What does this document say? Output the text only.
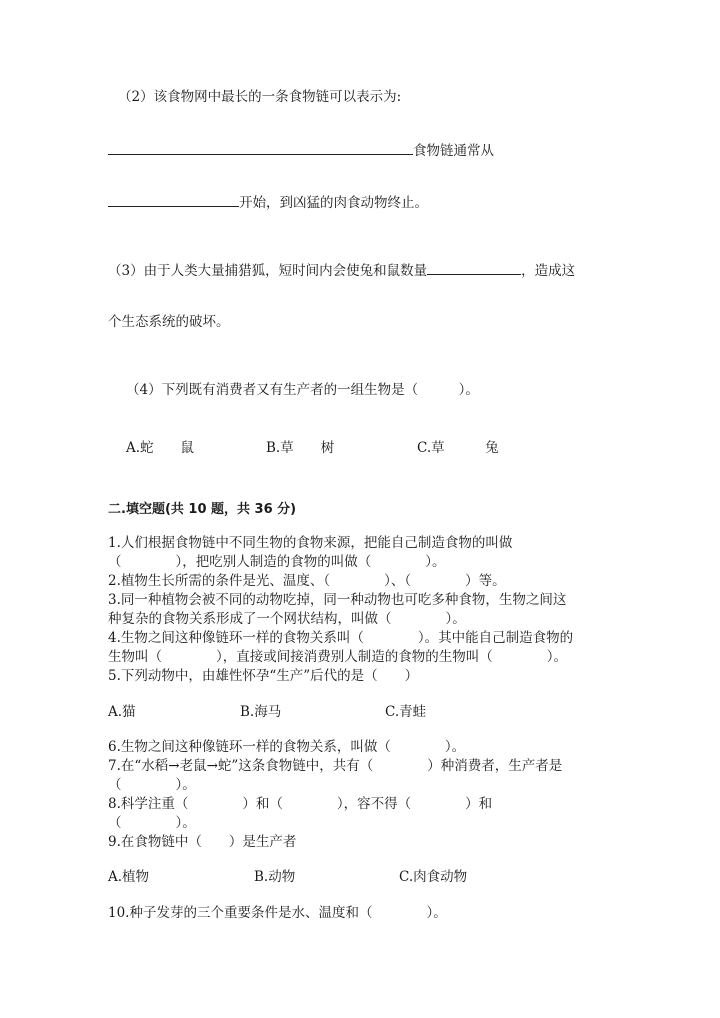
（2）该食物网中最长的一条食物链可以表示为:
食物链通常从
开始，到凶猛的肉食动物终止。
（3）由于人类大量捕猎狐，短时间内会使兔和鼠数量	，造成这
个生态系统的破坏。
（4）下列既有消费者又有生产者的一组生物是（　　　）。
A.蛇　　鼠	B.草　　树	C.草　　　兔
二.填空题(共 10 题，共 36 分)
1.人们根据食物链中不同生物的食物来源，把能自己制造食物的叫做
（　　　　），把吃别人制造的食物的叫做（　　　　）。
2.植物生长所需的条件是光、温度、（　　　　）、（　　　　）等。
3.同一种植物会被不同的动物吃掉，同一种动物也可吃多种食物，生物之间这
种复杂的食物关系形成了一个网状结构，叫做（　　　　）。
4.生物之间这种像链环一样的食物关系叫（　　　　）。其中能自己制造食物的
生物叫（　　　　），直接或间接消费别人制造的食物的生物叫（　　　　）。
5.下列动物中，由雄性怀孕“生产”后代的是（　　）
A.猫	B.海马	C.青蛙
6.生物之间这种像链环一样的食物关系，叫做（　　　　）。
7.在“水稻→老鼠→蛇”这条食物链中，共有（　　　　）种消费者，生产者是
（　　　　）。
8.科学注重（　　　　）和（　　　　），容不得（　　　　）和
（　　　　）。
9.在食物链中（　　）是生产者
A.植物	B.动物	C.肉食动物
10.种子发芽的三个重要条件是水、温度和（　　　　）。
